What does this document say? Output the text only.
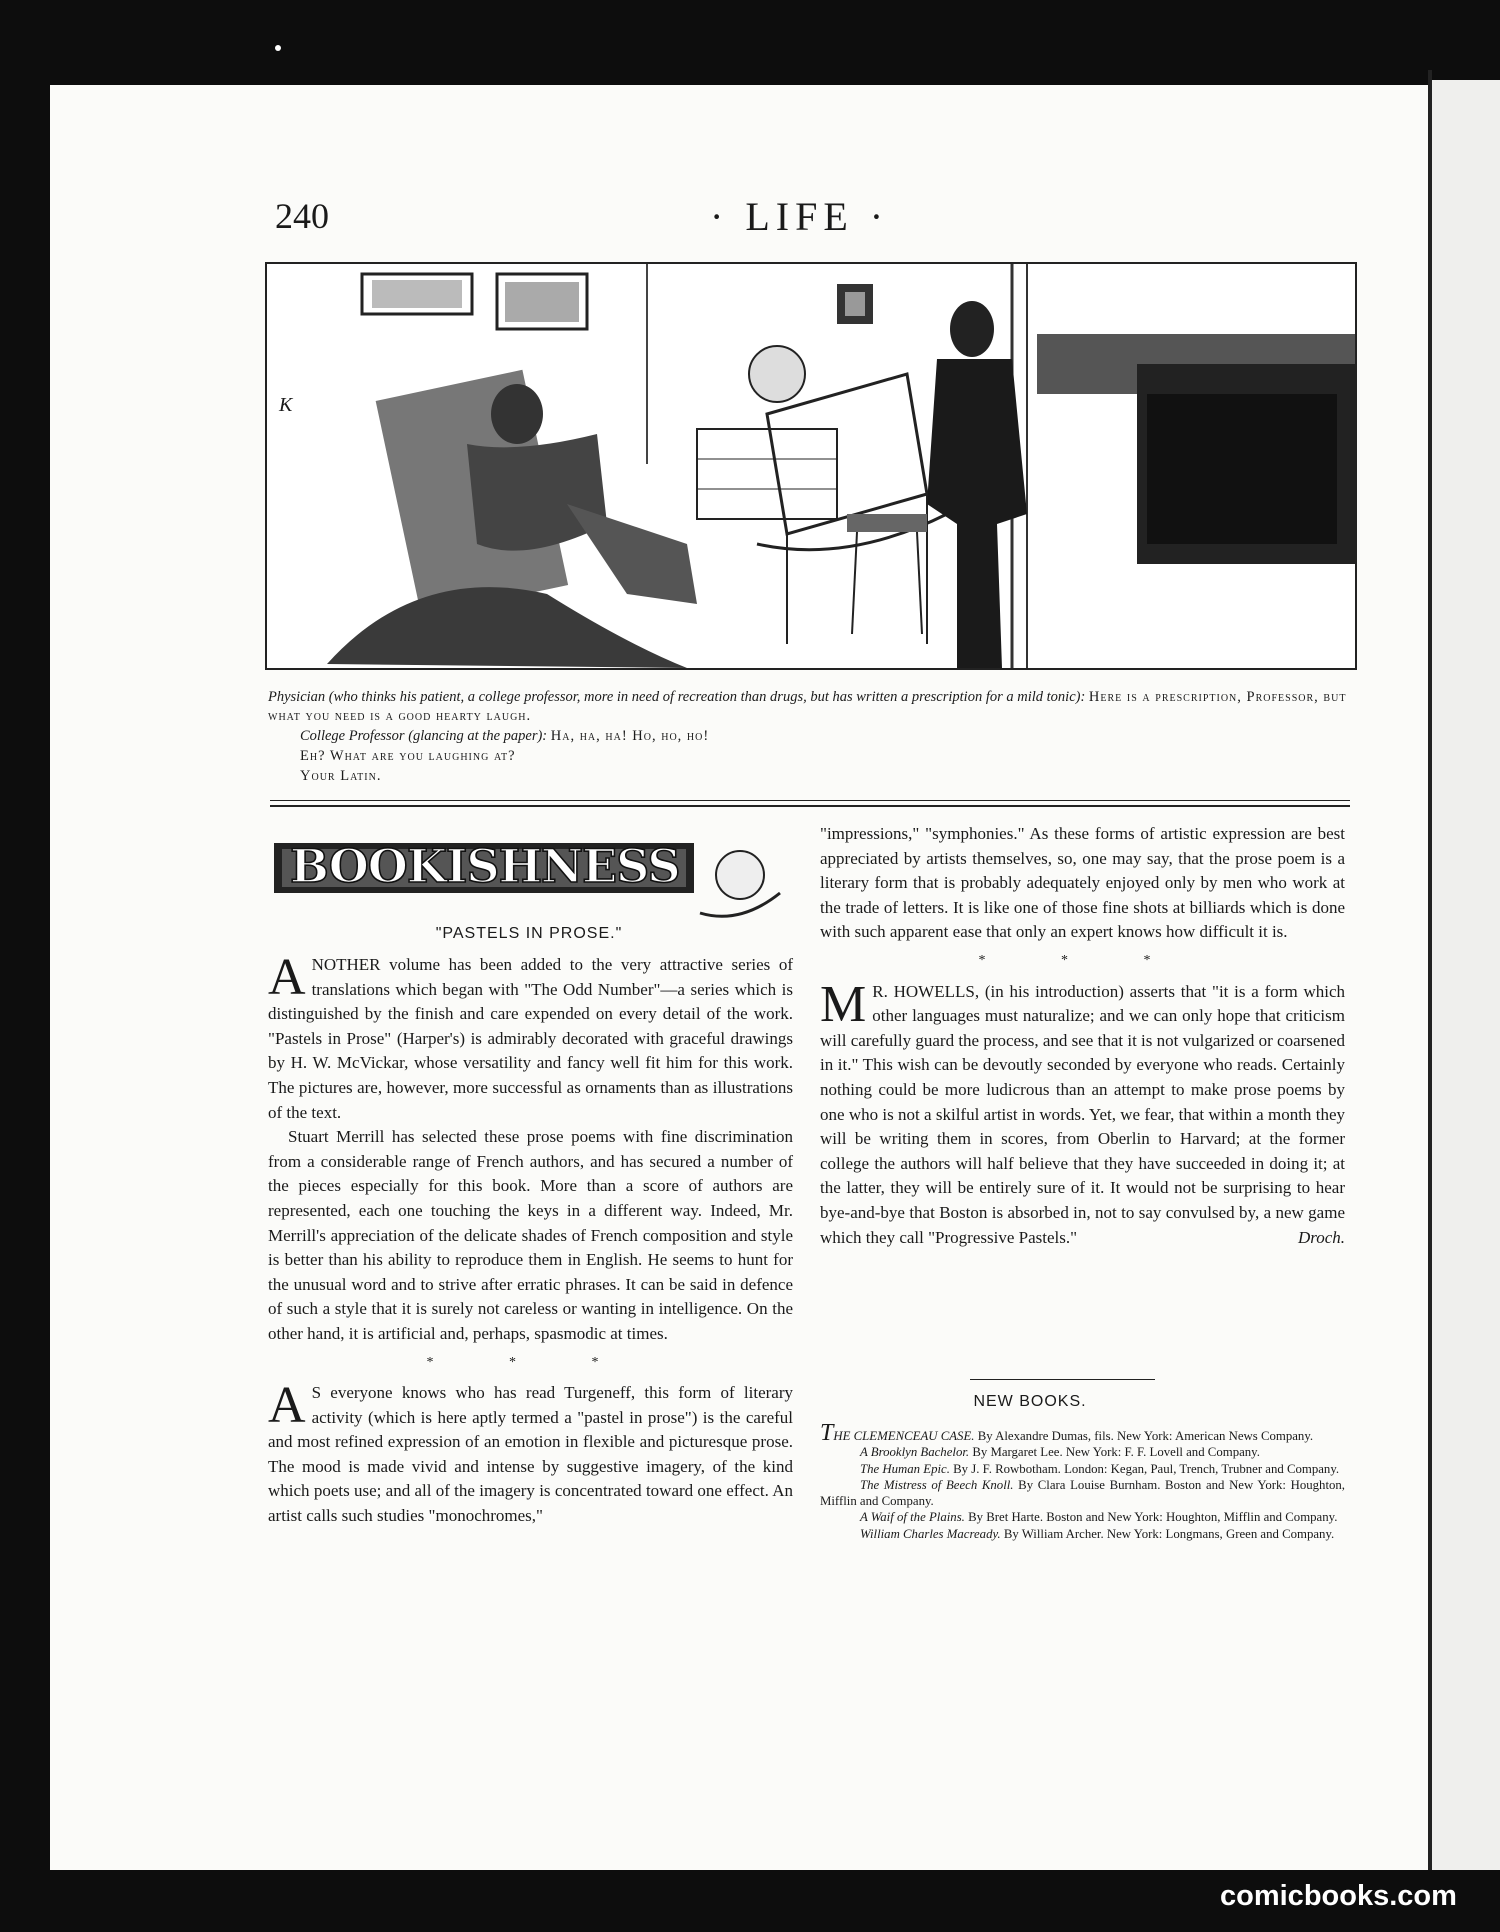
240	· LIFE ·
K

Physician (who thinks his patient, a college professor, more in need of recreation than drugs, but has written a prescription for a mild tonic): Here is a prescription, Professor, but what you need is a good hearty laugh.

College Professor (glancing at the paper): Ha, ha, ha! Ho, ho, ho!

Eh? What are you laughing at?

Your Latin.

BOOKISHNESS
"PASTELS IN PROSE."

ANOTHER volume has been added to the very attractive series of translations which began with "The Odd Number"—a series which is distinguished by the finish and care expended on every detail of the work. "Pastels in Prose" (Harper's) is admirably decorated with graceful drawings by H. W. McVickar, whose versatility and fancy well fit him for this work. The pictures are, however, more successful as ornaments than as illustrations of the text.

Stuart Merrill has selected these prose poems with fine discrimination from a considerable range of French authors, and has secured a number of the pieces especially for this book. More than a score of authors are represented, each one touching the keys in a different way. Indeed, Mr. Merrill's appreciation of the delicate shades of French composition and style is better than his ability to reproduce them in English. He seems to hunt for the unusual word and to strive after erratic phrases. It can be said in defence of such a style that it is surely not careless or wanting in intelligence. On the other hand, it is artificial and, perhaps, spasmodic at times.

* * *

A S everyone knows who has read Turgeneff, this form of literary activity (which is here aptly termed a "pastel in prose") is the careful and most refined expression of an emotion in flexible and picturesque prose. The mood is made vivid and intense by suggestive imagery, of the kind which poets use; and all of the imagery is concentrated toward one effect. An artist calls such studies "monochromes,"

"impressions," "symphonies." As these forms of artistic expression are best appreciated by artists themselves, so, one may say, that the prose poem is a literary form that is probably adequately enjoyed only by men who work at the trade of letters. It is like one of those fine shots at billiards which is done with such apparent ease that only an expert knows how difficult it is.

* * *

M R. HOWELLS, (in his introduction) asserts that "it is a form which other languages must naturalize; and we can only hope that criticism will carefully guard the process, and see that it is not vulgarized or coarsened in it." This wish can be devoutly seconded by everyone who reads. Certainly nothing could be more ludicrous than an attempt to make prose poems by one who is not a skilful artist in words. Yet, we fear, that within a month they will be writing them in scores, from Oberlin to Harvard; at the former college the authors will half believe that they have succeeded in doing it; at the latter, they will be entirely sure of it. It would not be surprising to hear bye-and-bye that Boston is absorbed in, not to say convulsed by, a new game which they call "Progressive Pastels."	Droch.

NEW BOOKS.

THE CLEMENCEAU CASE. By Alexandre Dumas, fils. New York: American News Company.

A Brooklyn Bachelor. By Margaret Lee. New York: F. F. Lovell and Company.

The Human Epic. By J. F. Rowbotham. London: Kegan, Paul, Trench, Trubner and Company.

The Mistress of Beech Knoll. By Clara Louise Burnham. Boston and New York: Houghton, Mifflin and Company.

A Waif of the Plains. By Bret Harte. Boston and New York: Houghton, Mifflin and Company.

William Charles Macready. By William Archer. New York: Longmans, Green and Company.

comicbooks.com
